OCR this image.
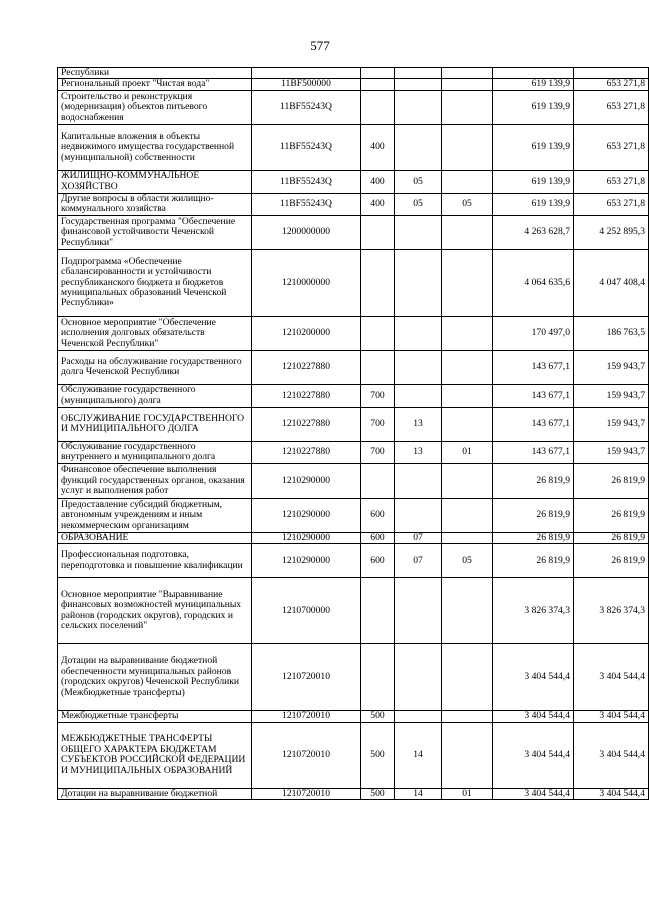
577
Республики						
Региональный проект "Чистая вода"	11BF500000				619 139,9	653 271,8
Строительство и реконструкция (модернизация) объектов питьевого водоснабжения	11BF55243Q				619 139,9	653 271,8
Капитальные вложения в объекты недвижимого имущества государственной (муниципальной) собственности	11BF55243Q	400			619 139,9	653 271,8
ЖИЛИЩНО-КОММУНАЛЬНОЕ ХОЗЯЙСТВО	11BF55243Q	400	05		619 139,9	653 271,8
Другие вопросы в области жилищно-коммунального хозяйства	11BF55243Q	400	05	05	619 139,9	653 271,8
Государственная программа "Обеспечение финансовой устойчивости Чеченской Республики"	1200000000				4 263 628,7	4 252 895,3
Подпрограмма «Обеспечение сбалансированности и устойчивости республиканского бюджета и бюджетов муниципальных образований Чеченской Республики»	1210000000				4 064 635,6	4 047 408,4
Основное мероприятие "Обеспечение исполнения долговых обязательств Чеченской Республики"	1210200000				170 497,0	186 763,5
Расходы на обслуживание государственного долга Чеченской Республики	1210227880				143 677,1	159 943,7
Обслуживание государственного (муниципального) долга	1210227880	700			143 677,1	159 943,7
ОБСЛУЖИВАНИЕ ГОСУДАРСТВЕННОГО И МУНИЦИПАЛЬНОГО ДОЛГА	1210227880	700	13		143 677,1	159 943,7
Обслуживание государственного внутреннего и муниципального долга	1210227880	700	13	01	143 677,1	159 943,7
Финансовое обеспечение выполнения функций государственных органов, оказания услуг и выполнения работ	1210290000				26 819,9	26 819,9
Предоставление субсидий бюджетным, автономным учреждениям и иным некоммерческим организациям	1210290000	600			26 819,9	26 819,9
ОБРАЗОВАНИЕ	1210290000	600	07		26 819,9	26 819,9
Профессиональная подготовка, переподготовка и повышение квалификации	1210290000	600	07	05	26 819,9	26 819,9
Основное мероприятие "Выравнивание финансовых возможностей муниципальных районов (городских округов), городских и сельских поселений"	1210700000				3 826 374,3	3 826 374,3
Дотации на выравнивание бюджетной обеспеченности муниципальных районов (городских округов) Чеченской Республики (Межбюджетные трансферты)	1210720010				3 404 544,4	3 404 544,4
Межбюджетные трансферты	1210720010	500			3 404 544,4	3 404 544,4
МЕЖБЮДЖЕТНЫЕ ТРАНСФЕРТЫ ОБЩЕГО ХАРАКТЕРА БЮДЖЕТАМ СУБЪЕКТОВ РОССИЙСКОЙ ФЕДЕРАЦИИ И МУНИЦИПАЛЬНЫХ ОБРАЗОВАНИЙ	1210720010	500	14		3 404 544,4	3 404 544,4
Дотации на выравнивание бюджетной	1210720010	500	14	01	3 404 544,4	3 404 544,4
